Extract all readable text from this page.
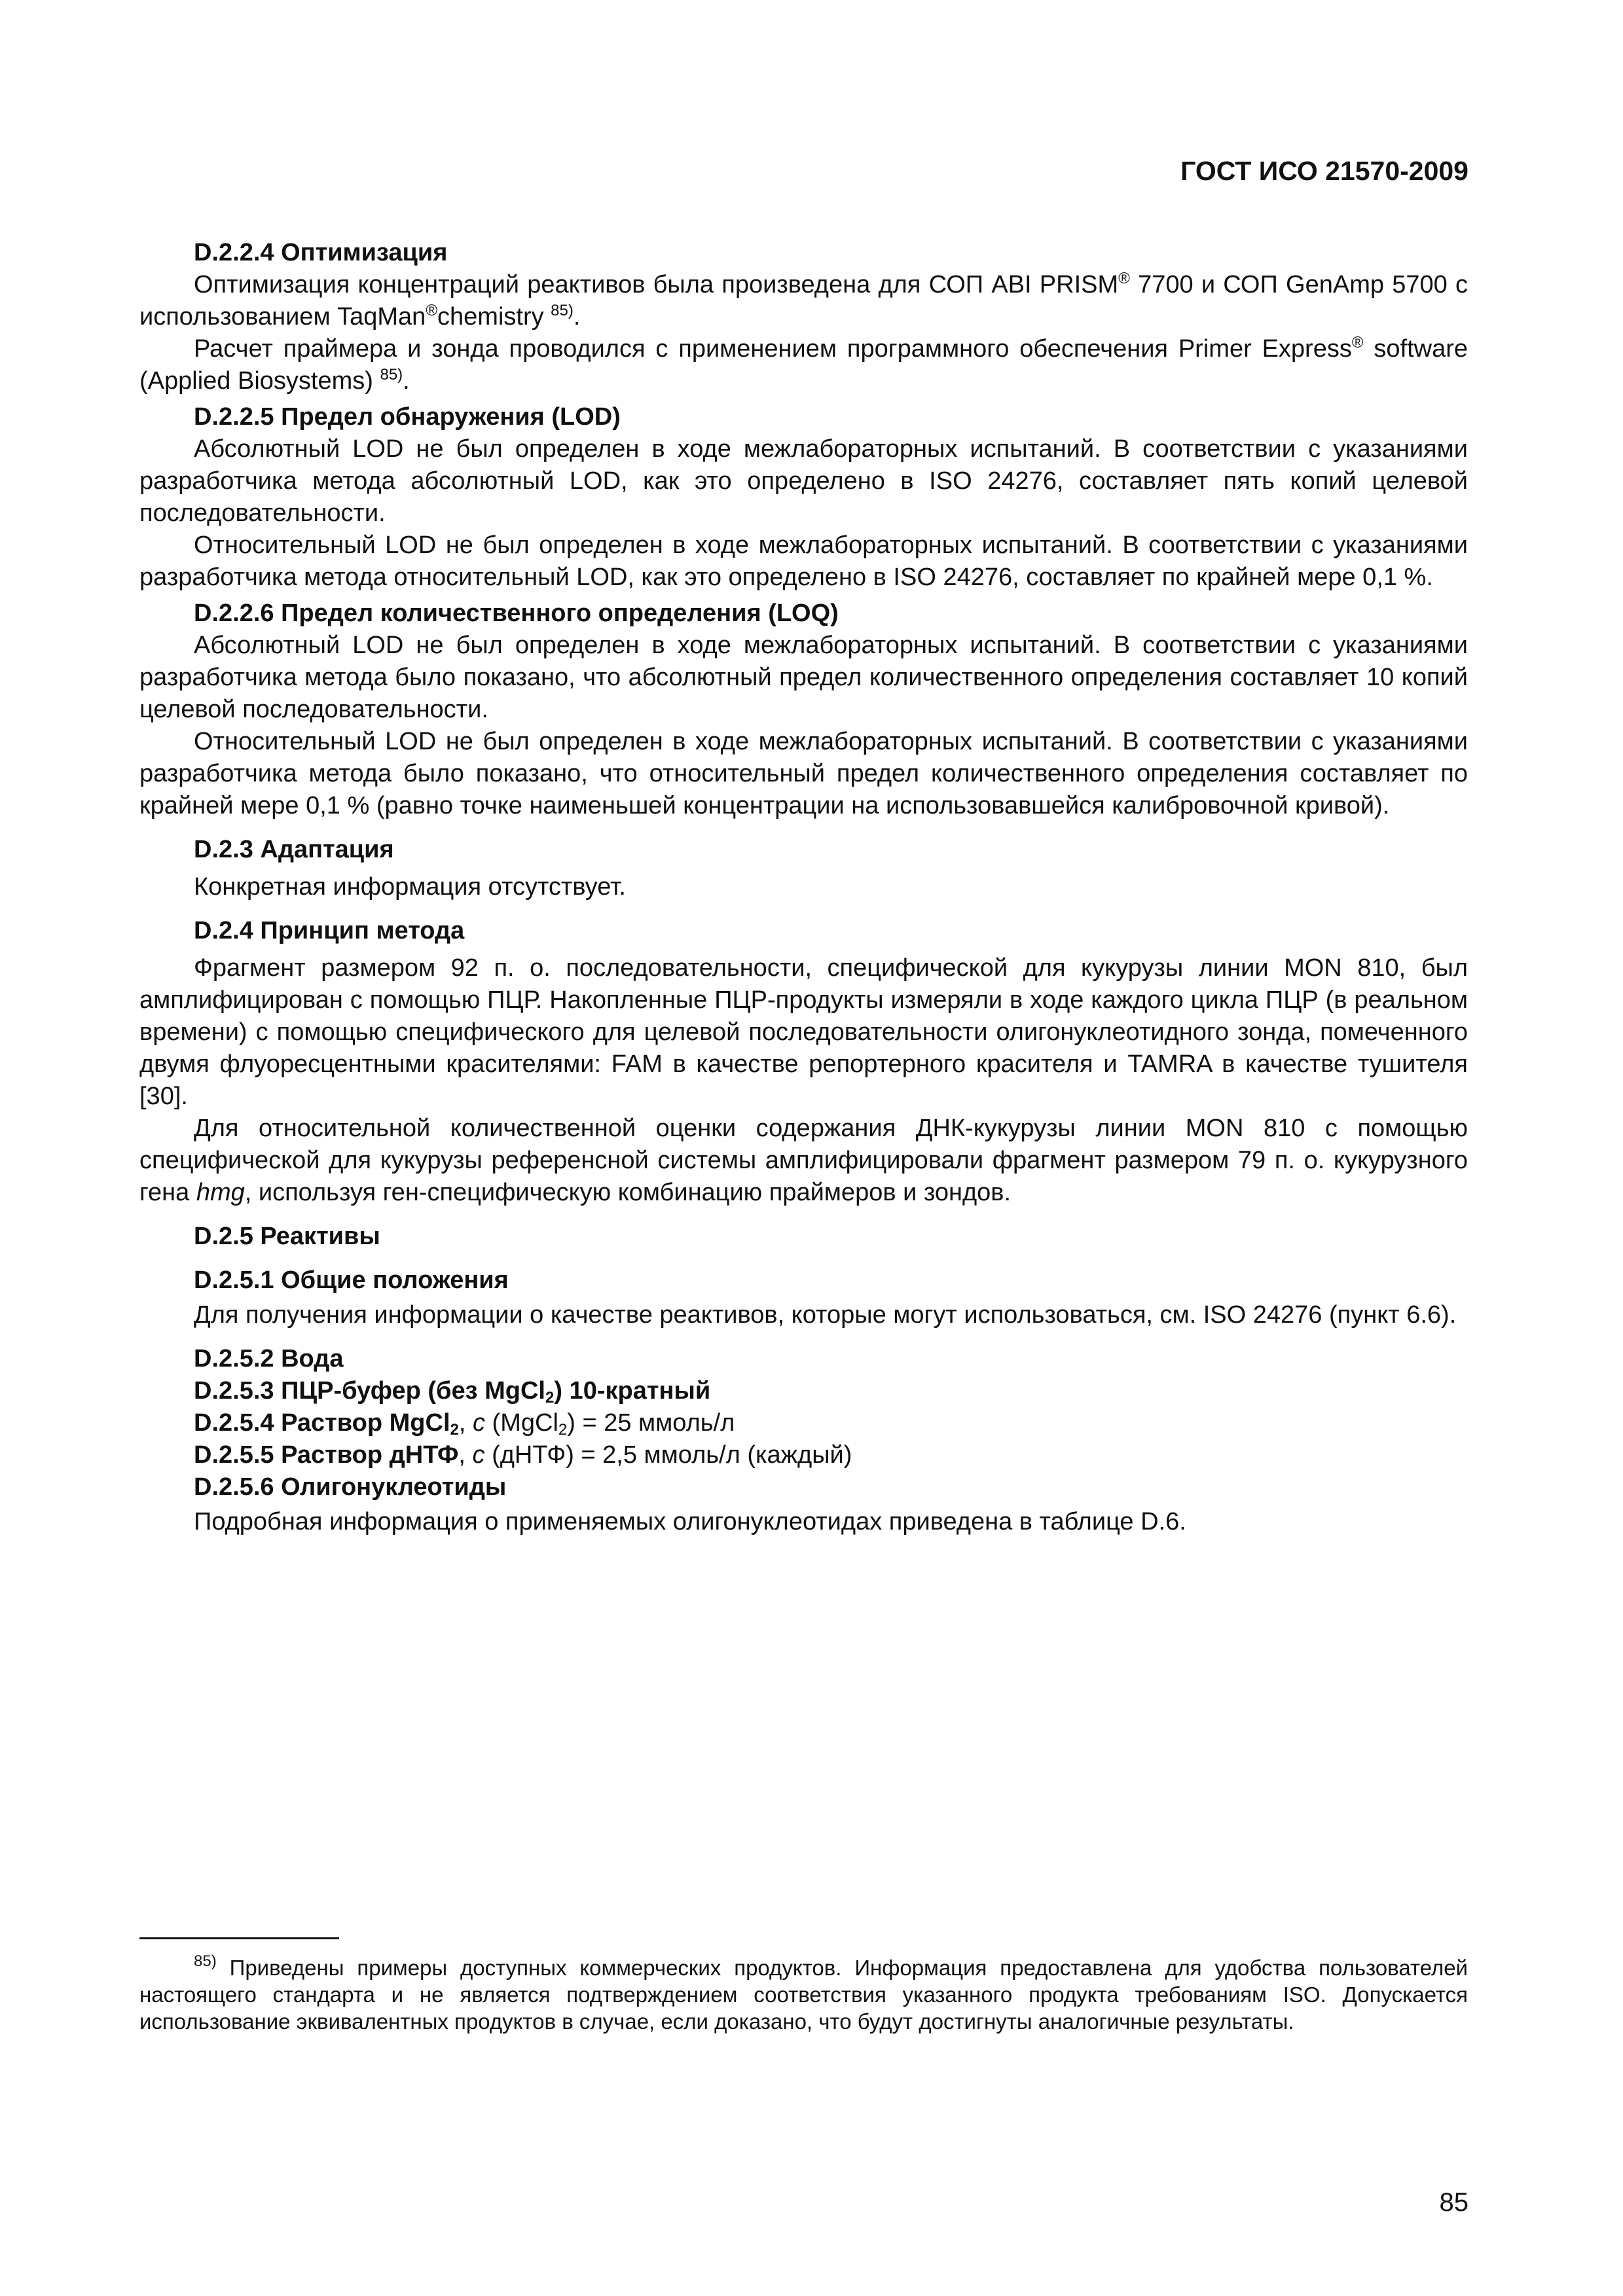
ГОСТ ИСО 21570-2009

D.2.2.4 Оптимизация

Оптимизация концентраций реактивов была произведена для СОП ABI PRISM® 7700 и СОП GenAmp 5700 с использованием TaqMan®chemistry $^{85)}$.

Расчет праймера и зонда проводился с применением программного обеспечения Primer Express® software (Applied Biosystems) $^{85)}$.

D.2.2.5 Предел обнаружения (LOD)

Абсолютный LOD не был определен в ходе межлабораторных испытаний. В соответствии с указаниями разработчика метода абсолютный LOD, как это определено в ISO 24276, составляет пять копий целевой последовательности.

Относительный LOD не был определен в ходе межлабораторных испытаний. В соответствии с указаниями разработчика метода относительный LOD, как это определено в ISO 24276, составляет по крайней мере 0,1 %.

D.2.2.6 Предел количественного определения (LOQ)

Абсолютный LOD не был определен в ходе межлабораторных испытаний. В соответствии с указаниями разработчика метода было показано, что абсолютный предел количественного определения составляет 10 копий целевой последовательности.

Относительный LOD не был определен в ходе межлабораторных испытаний. В соответствии с указаниями разработчика метода было показано, что относительный предел количественного определения составляет по крайней мере 0,1 % (равно точке наименьшей концентрации на использовавшейся калибровочной кривой).

D.2.3 Адаптация

Конкретная информация отсутствует.

D.2.4 Принцип метода

Фрагмент размером 92 п. о. последовательности, специфической для кукурузы линии MON 810, был амплифицирован с помощью ПЦР. Накопленные ПЦР-продукты измеряли в ходе каждого цикла ПЦР (в реальном времени) с помощью специфического для целевой последовательности олигонуклеотидного зонда, помеченного двумя флуоресцентными красителями: FAM в качестве репортерного красителя и TAMRA в качестве тушителя [30].

Для относительной количественной оценки содержания ДНК-кукурузы линии MON 810 с помощью специфической для кукурузы референсной системы амплифицировали фрагмент размером 79 п. о. кукурузного гена hmg, используя ген-специфическую комбинацию праймеров и зондов.

D.2.5 Реактивы

D.2.5.1 Общие положения

Для получения информации о качестве реактивов, которые могут использоваться, см. ISO 24276 (пункт 6.6).

D.2.5.2 Вода

D.2.5.3 ПЦР-буфер (без MgCl$_2$) 10-кратный

D.2.5.4 Раствор MgCl$_2$, c (MgCl$_2$) = 25 ммоль/л

D.2.5.5 Раствор дНТФ, c (дНТФ) = 2,5 ммоль/л (каждый)

D.2.5.6 Олигонуклеотиды

Подробная информация о применяемых олигонуклеотидах приведена в таблице D.6.

$^{85)}$ Приведены примеры доступных коммерческих продуктов. Информация предоставлена для удобства пользователей настоящего стандарта и не является подтверждением соответствия указанного продукта требованиям ISO. Допускается использование эквивалентных продуктов в случае, если доказано, что будут достигнуты аналогичные результаты.

85
